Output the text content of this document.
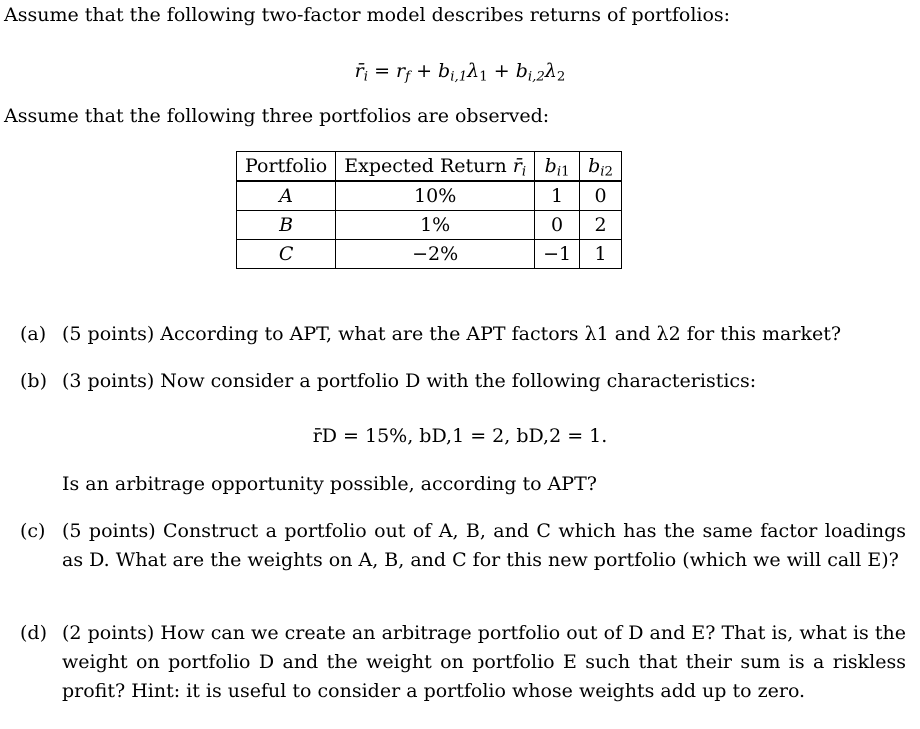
Assume that the following two-factor model describes returns of portfolios:
$r̄_i = r_f + b_{i,1}\lambda_1 + b_{i,2}\lambda_2$
Assume that the following three portfolios are observed:
Portfolio	Expected Return $r̄_i$	$b_{i1}$	$b_{i2}$
A	10%	1	0
B	1%	0	2
C	−2%	−1	1
(a) (5 points) According to APT, what are the APT factors λ1 and λ2 for this market?
(b) (3 points) Now consider a portfolio D with the following characteristics:
r̄D = 15%, bD,1 = 2, bD,2 = 1.
Is an arbitrage opportunity possible, according to APT?
(c) (5 points) Construct a portfolio out of A, B, and C which has the same factor loadings as D. What are the weights on A, B, and C for this new portfolio (which we will call E)?
(d) (2 points) How can we create an arbitrage portfolio out of D and E? That is, what is the weight on portfolio D and the weight on portfolio E such that their sum is a riskless profit? Hint: it is useful to consider a portfolio whose weights add up to zero.
